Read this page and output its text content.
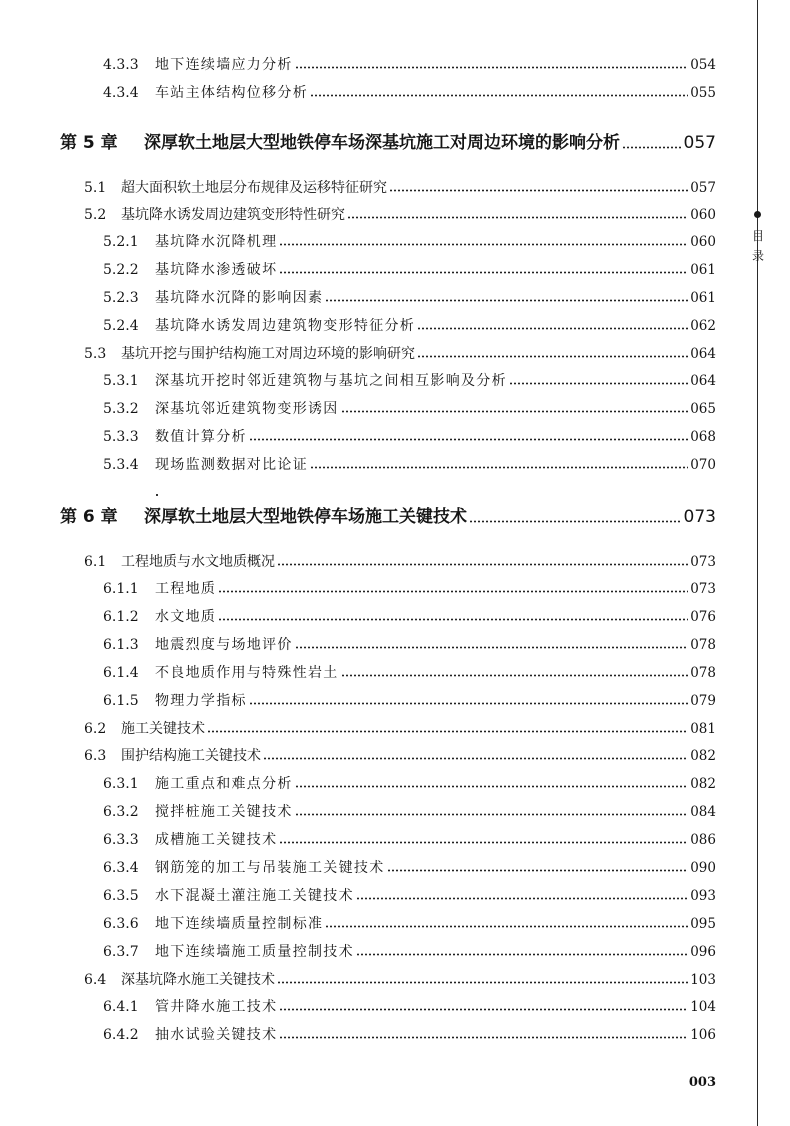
目
录
4.3.3	地下连续墙应力分析	054
4.3.4	车站主体结构位移分析	055
第 5 章	深厚软土地层大型地铁停车场深基坑施工对周边环境的影响分析	057
5.1	超大面积软土地层分布规律及运移特征研究	057
5.2	基坑降水诱发周边建筑变形特性研究	060
5.2.1	基坑降水沉降机理	060
5.2.2	基坑降水渗透破坏	061
5.2.3	基坑降水沉降的影响因素	061
5.2.4	基坑降水诱发周边建筑物变形特征分析	062
5.3	基坑开挖与围护结构施工对周边环境的影响研究	064
5.3.1	深基坑开挖时邻近建筑物与基坑之间相互影响及分析	064
5.3.2	深基坑邻近建筑物变形诱因	065
5.3.3	数值计算分析	068
5.3.4	现场监测数据对比论证	070
第 6 章	深厚软土地层大型地铁停车场施工关键技术	073
6.1	工程地质与水文地质概况	073
6.1.1	工程地质	073
6.1.2	水文地质	076
6.1.3	地震烈度与场地评价	078
6.1.4	不良地质作用与特殊性岩土	078
6.1.5	物理力学指标	079
6.2	施工关键技术	081
6.3	围护结构施工关键技术	082
6.3.1	施工重点和难点分析	082
6.3.2	搅拌桩施工关键技术	084
6.3.3	成槽施工关键技术	086
6.3.4	钢筋笼的加工与吊装施工关键技术	090
6.3.5	水下混凝土灌注施工关键技术	093
6.3.6	地下连续墙质量控制标准	095
6.3.7	地下连续墙施工质量控制技术	096
6.4	深基坑降水施工关键技术	103
6.4.1	管井降水施工技术	104
6.4.2	抽水试验关键技术	106
003
